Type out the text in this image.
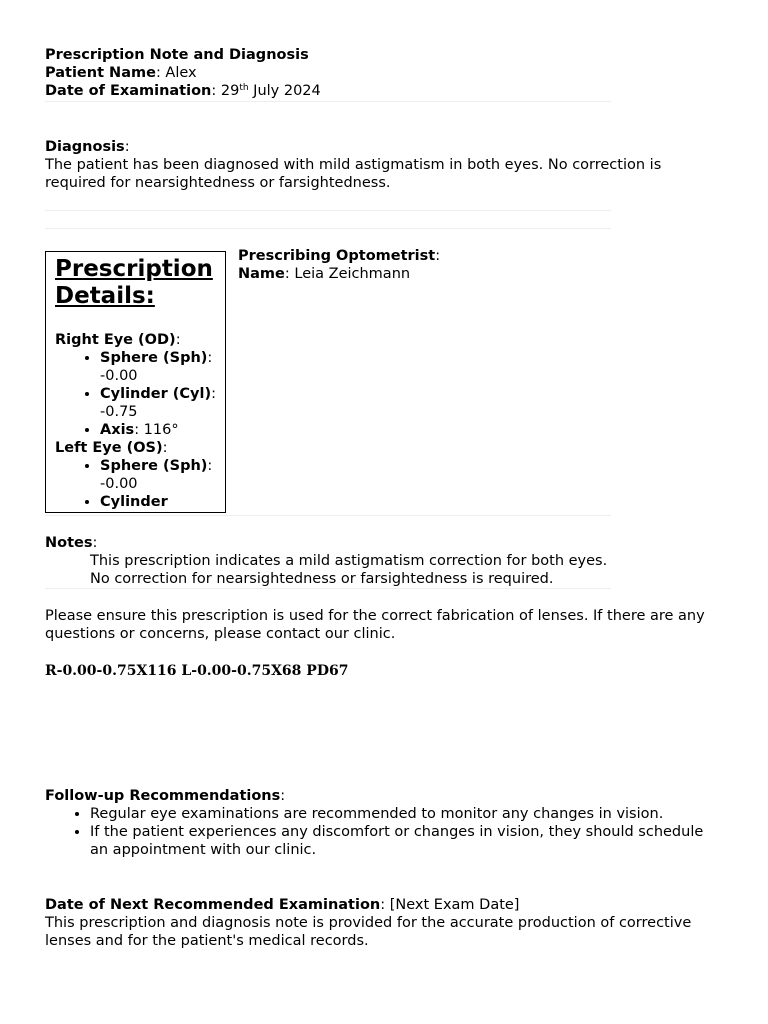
Prescription Note and Diagnosis
Patient Name: Alex
Date of Examination: 29th July 2024
Diagnosis:
The patient has been diagnosed with mild astigmatism in both eyes. No correction is required for nearsightedness or farsightedness.
Prescription Details:
Right Eye (OD):
• Sphere (Sph): -0.00
• Cylinder (Cyl): -0.75
• Axis: 116°
Left Eye (OS):
• Sphere (Sph): -0.00
• Cylinder
Prescribing Optometrist:
Name: Leia Zeichmann
Notes:
This prescription indicates a mild astigmatism correction for both eyes.
No correction for nearsightedness or farsightedness is required.
Please ensure this prescription is used for the correct fabrication of lenses. If there are any questions or concerns, please contact our clinic.
R-0.00-0.75X116 L-0.00-0.75X68 PD67
Follow-up Recommendations:
• Regular eye examinations are recommended to monitor any changes in vision.
• If the patient experiences any discomfort or changes in vision, they should schedule an appointment with our clinic.
Date of Next Recommended Examination: [Next Exam Date]
This prescription and diagnosis note is provided for the accurate production of corrective lenses and for the patient's medical records.
